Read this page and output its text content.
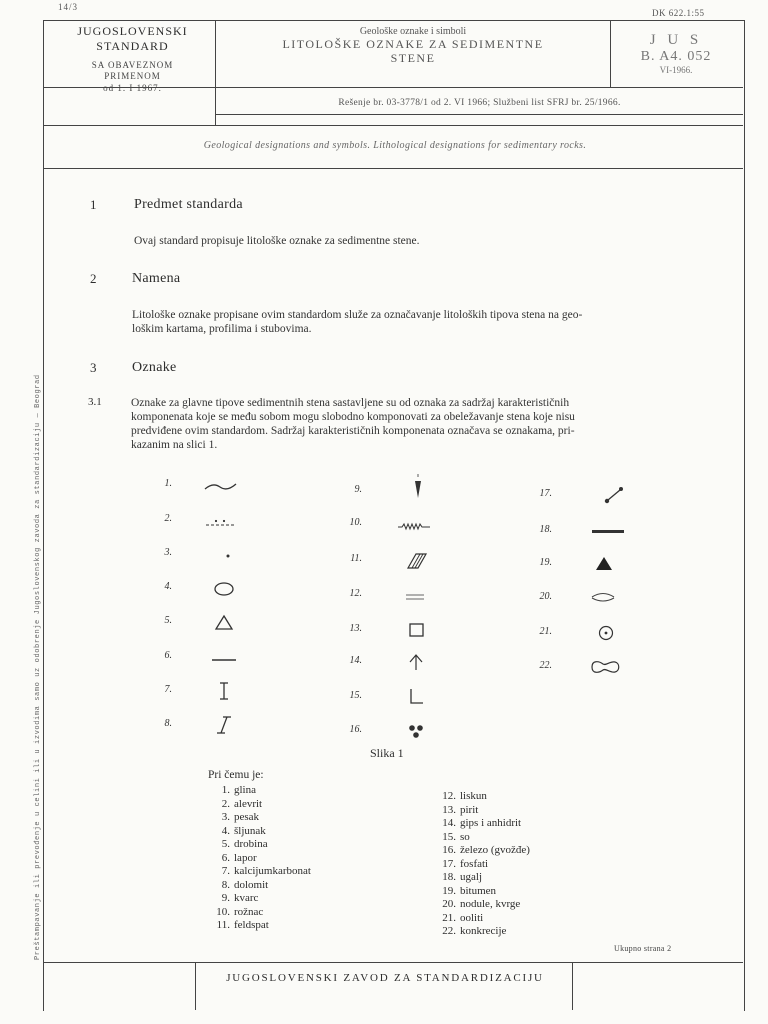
14/3
DK 622.1:55
Preštampavanje ili prevođenje u celini ili u izvodima samo uz odobrenje Jugoslovenskog zavoda za standardizaciju — Beograd
JUGOSLOVENSKI
STANDARD
SA OBAVEZNOM
PRIMENOM
od 1. I 1967.
Geološke oznake i simboli
LITOLOŠKE OZNAKE ZA SEDIMENTNE
STENE
J U S
B. A4. 052
VI-1966.
Rešenje br. 03-3778/1 od 2. VI 1966; Službeni list SFRJ br. 25/1966.
Geological designations and symbols. Lithological designations for sedimentary rocks.
1	Predmet standarda
Ovaj standard propisuje litološke oznake za sedimentne stene.
2	Namena
Litološke oznake propisane ovim standardom služe za označavanje litoloških tipova stena na geo-
loškim kartama, profilima i stubovima.
3	Oznake
3.1	Oznake za glavne tipove sedimentnih stena sastavljene su od oznaka za sadržaj karakterističnih
komponenata koje se među sobom mogu slobodno komponovati za obeležavanje stena koje nisu
predviđene ovim standardom. Sadržaj karakterističnih komponenata označava se oznakama, pri-
kazanim na slici 1.
1.
2.
3.
4.
5.
6.
7.
8.
9.
10.
11.
12.
13.
14.
15.
16.
17.
18.
19.
20.
21.
22.
Slika 1
Pri čemu je:
1. glina
2. alevrit
3. pesak
4. šljunak
5. drobina
6. lapor
7. kalcijumkarbonat
8. dolomit
9. kvarc
10. rožnac
11. feldspat
12. liskun
13. pirit
14. gips i anhidrit
15. so
16. železo (gvožđe)
17. fosfati
18. ugalj
19. bitumen
20. nodule, kvrge
21. ooliti
22. konkrecije
Ukupno strana 2
JUGOSLOVENSKI ZAVOD ZA STANDARDIZACIJU
